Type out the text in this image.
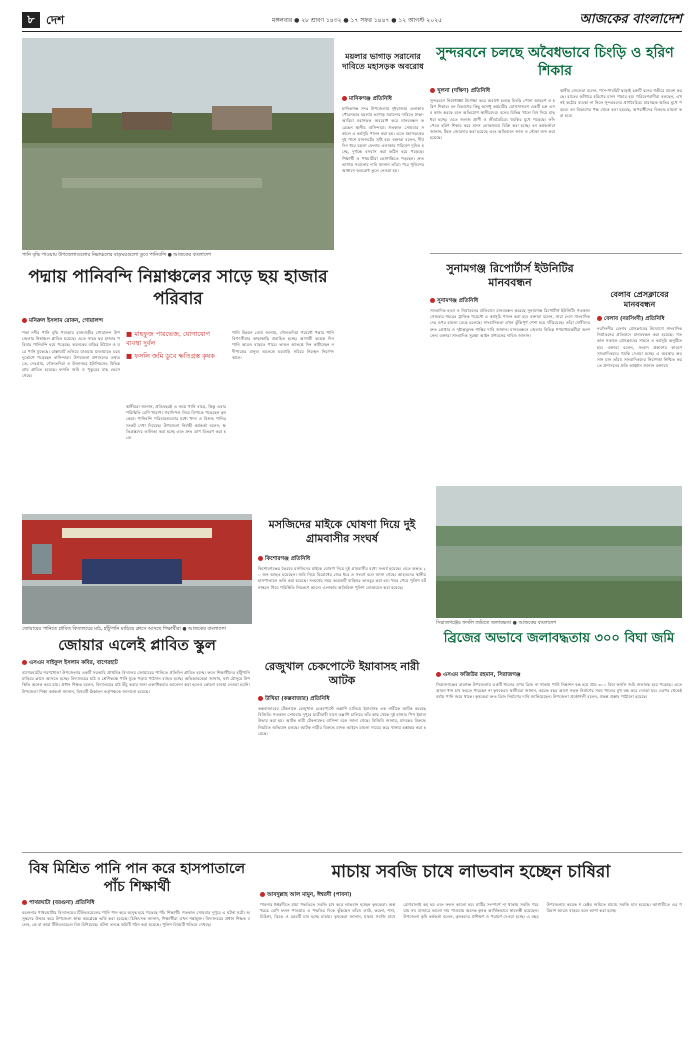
৮ দেশ	মঙ্গলবার ● ২৮ শ্রাবণ ১৪৩২ ● ১৭ সফর ১৪৪৭ ● ১২ আগস্ট ২০২৫	আজকের বাংলাদেশ
পানি বৃদ্ধি পাওয়ায় উপজেলাগুলোর নিম্নাঞ্চলের বাড়ঘরগুলো ডুবে পানিবন্দি ● আজকের বাংলাদেশ
ময়লার ভাগাড় সরানোর দাবিতে মহাসড়ক অবরোধ
মানিকগঞ্জ প্রতিনিধি
মানিকগঞ্জ সদর উপজেলার দুধবাজার এলাকায় পৌরসভার ময়লার ভাগাড় সরানোর দাবিতে ঢাকা-আরিচা মহাসড়ক অবরোধ করে মানববন্ধন করেছেন স্থানীয় বাসিন্দারা। গতকাল সোমবার সকালে এ কর্মসূচি পালন করা হয়। এতে মহাসড়কের দুই পাশে যানজটের সৃষ্টি হয়। বক্তারা বলেন, দীর্ঘদিন ধরে ময়লা ফেলায় এলাকার পরিবেশ দূষিত হচ্ছে, দুর্গন্ধে বসবাস করা কঠিন হয়ে পড়েছে। শিক্ষার্থী ও পথচারীরা ভোগান্তিতে পড়ছেন। দ্রুত ভাগাড় সরানোর দাবি জানান তাঁরা। পরে পুলিশের আশ্বাসে অবরোধ তুলে নেওয়া হয়।
সুন্দরবনে চলছে অবৈধভাবে চিংড়ি ও হরিণ শিকার
খুলনা (দক্ষিণ) প্রতিনিধি
সুন্দরবনে নিষেধাজ্ঞা উপেক্ষা করে অবাধে চলছে চিংড়ি পোনা আহরণ ও হরিণ শিকার। বন বিভাগের কিছু অসাধু কর্মচারীর যোগসাজশে একটি চক্র এসব কাজ করছে বলে অভিযোগ স্থানীয়দের। বনের বিভিন্ন খালে বিষ দিয়ে মাছ ধরা হচ্ছে। এতে জলজ প্রাণী ও জীববৈচিত্র্য হুমকির মুখে পড়েছে। ফাঁদ পেতে হরিণ শিকার করে মাংস লোকালয়ে বিক্রি করা হচ্ছে। বন কর্মকর্তারা জানান, টহল জোরদার করা হয়েছে এবং অভিযানে জাল ও নৌকা জব্দ করা হয়েছে।
স্থানীয় জেলেরা বলেন, পাস-পারমিট ছাড়াই চক্রটি বনের গভীরে প্রবেশ করছে। রাতের আঁধারে হরিণের মাংস পাচার হয়। পরিবেশবাদীরা বলছেন, এখনই কঠোর ব্যবস্থা না নিলে সুন্দরবনের প্রাণবৈচিত্র্য মারাত্মক ক্ষতির মুখে পড়বে। বন বিভাগের পক্ষ থেকে বলা হয়েছে, অপরাধীদের বিরুদ্ধে মামলা করা হবে।
পদ্মায় পানিবন্দি নিম্নাঞ্চলের সাড়ে ছয় হাজার পরিবার
মনিরুল ইসলাম রোকন, গোয়ালন্দ
পদ্মা নদীর পানি বৃদ্ধি পাওয়ায় রাজবাড়ীর গোয়ালন্দ উপজেলার নিম্নাঞ্চল প্লাবিত হয়েছে। এতে সাড়ে ছয় হাজার পরিবার পানিবন্দি হয়ে পড়েছে। অনেকের বাড়ির উঠানে ও ঘরে পানি ঢুকেছে। রাস্তাঘাট তলিয়ে যাওয়ায় যাতায়াতে চরম দুর্ভোগে পড়েছেন বাসিন্দারা। উপজেলা প্রশাসনের তথ্যমতে, দেবগ্রাম, দৌলতদিয়া ও উজানচর ইউনিয়নের বিভিন্ন গ্রাম প্লাবিত হয়েছে। ফসলি জমি ও পুকুরের মাছ ভেসে গেছে।
■ মাহফুজ পারভেজ, যোগাযোগ ব্যবস্থা দুর্বল
■ ফসলি জমি ডুবে ক্ষতিগ্রস্ত কৃষক
স্থানীয়রা জানান, প্রতিবছরই এ সময় পানি বাড়ে, কিন্তু এবার পরিস্থিতি বেশি খারাপ। গবাদিপশু নিয়ে বিপাকে পড়েছেন কৃষকেরা। পানিবন্দি পরিবারগুলোর মধ্যে খাদ্য ও বিশুদ্ধ পানির সংকট দেখা দিয়েছে। উপজেলা নির্বাহী কর্মকর্তা বলেন, ক্ষতিগ্রস্তদের তালিকা করা হচ্ছে এবং দ্রুত ত্রাণ বিতরণ করা হবে।
পানি উন্নয়ন বোর্ড জানায়, দৌলতদিয়া পয়েন্টে পদ্মার পানি বিপৎসীমার কাছাকাছি প্রবাহিত হচ্ছে। আগামী কয়েক দিন পানি আরও বাড়তে পারে। ভাঙন আতঙ্কে দিন কাটাচ্ছেন নদীপাড়ের মানুষ। অনেকে ঘরবাড়ি সরিয়ে নিচ্ছেন নিরাপদ স্থানে।
সুনামগঞ্জ রিপোর্টার্স ইউনিটির মানববন্ধন
সুনামগঞ্জ প্রতিনিধি
সাংবাদিক হত্যা ও নির্যাতনের প্রতিবাদে মানববন্ধন করেছে সুনামগঞ্জ রিপোর্টার্স ইউনিটি। গতকাল সোমবার শহরের ট্রাফিক পয়েন্টে এ কর্মসূচি পালন করা হয়। বক্তারা বলেন, সারা দেশে সাংবাদিকদের ওপর হামলা বেড়ে চলেছে। সাংবাদিকতা এখন ঝুঁকিপূর্ণ পেশা হয়ে দাঁড়িয়েছে। তাঁরা দোষীদের দ্রুত গ্রেপ্তার ও দৃষ্টান্তমূলক শাস্তির দাবি জানান। মানববন্ধনে জেলার বিভিন্ন গণমাধ্যমকর্মীরা অংশ নেন। বক্তারা সাংবাদিক সুরক্ষা আইন প্রণয়নের দাবিও জানান।
বেলাব প্রেসক্লাবের মানববন্ধন
বেলাব (নরসিংদী) প্রতিনিধি
নরসিংদীর বেলাব প্রেসক্লাবের উদ্যোগে সাংবাদিক নির্যাতনের প্রতিবাদে মানববন্ধন করা হয়েছে। গতকাল সকালে প্রেসক্লাবের সামনে এ কর্মসূচি অনুষ্ঠিত হয়। বক্তারা বলেন, সংবাদ প্রকাশের কারণে সাংবাদিকদের হুমকি দেওয়া হচ্ছে। এ অবস্থার অবসান চান তাঁরা। সাংবাদিকদের নিরাপত্তা নিশ্চিত করতে প্রশাসনের প্রতি আহ্বান জানান বক্তারা।
জোয়ারের পানিতে প্লাবিত বিদ্যালয়ের মাঠ, হাঁটুপানি মাড়িয়ে ক্লাসে আসছে শিক্ষার্থীরা ● আজকের বাংলাদেশ
মসজিদের মাইকে ঘোষণা দিয়ে দুই গ্রামবাসীর সংঘর্ষ
কিশোরগঞ্জ প্রতিনিধি
কিশোরগঞ্জের ভৈরবে মসজিদের মাইকে ঘোষণা দিয়ে দুই গ্রামবাসীর মধ্যে সংঘর্ষ হয়েছে। এতে অন্তত ২০ জন আহত হয়েছেন। জমি নিয়ে বিরোধের জের ধরে এ সংঘর্ষ বলে জানা গেছে। আহতদের স্থানীয় হাসপাতালে ভর্তি করা হয়েছে। সংঘর্ষের সময় কয়েকটি বাড়িঘর ভাঙচুর করা হয়। খবর পেয়ে পুলিশ ঘটনাস্থলে গিয়ে পরিস্থিতি নিয়ন্ত্রণে আনে। এলাকায় অতিরিক্ত পুলিশ মোতায়েন করা হয়েছে।
সিরাজগঞ্জের ফসলি জমিতে জলাবদ্ধতা ● আজকের বাংলাদেশ
জোয়ার এলেই প্লাবিত স্কুল
এসএম সাইফুল ইসলাম কবির, বাগেরহাট
বাগেরহাটের শরণখোলা উপজেলার একটি সরকারি প্রাথমিক বিদ্যালয় জোয়ারের পানিতে প্রতিদিন প্লাবিত হচ্ছে। ফলে শিক্ষার্থীদের হাঁটুপানি মাড়িয়ে ক্লাসে আসতে হচ্ছে। বিদ্যালয়ের মাঠ ও শ্রেণিকক্ষে পানি ঢুকে পড়ায় পাঠদান ব্যাহত হচ্ছে। অভিভাবকেরা জানান, বর্ষা মৌসুমে উপস্থিতি অনেক কমে যায়। প্রধান শিক্ষক বলেন, বিদ্যালয়ের মাঠ উঁচু করার জন্য একাধিকবার আবেদন করা হলেও কোনো ব্যবস্থা নেওয়া হয়নি। উপজেলা শিক্ষা কর্মকর্তা জানান, বিষয়টি ঊর্ধ্বতন কর্তৃপক্ষকে জানানো হয়েছে।
রেজুখাল চেকপোস্টে ইয়াবাসহ নারী আটক
উখিয়া (কক্সবাজার) প্রতিনিধি
কক্সবাজারের টেকনাফে রেজুখাল চেকপোস্টে তল্লাশি চালিয়ে ইয়াবাসহ এক নারীকে আটক করেছে বিজিবি। গতকাল সোমবার দুপুরে যাত্রীবাহী বাসে তল্লাশি চালিয়ে তাঁর কাছ থেকে দুই হাজার পিস ইয়াবা উদ্ধার করা হয়। আটক নারী টেকনাফের বাসিন্দা বলে জানা গেছে। বিজিবি জানায়, মাদকের বিরুদ্ধে নিয়মিত অভিযান চলছে। আটক নারীর বিরুদ্ধে মাদক আইনে মামলা দায়ের করে থানায় হস্তান্তর করা হয়েছে।
ব্রিজের অভাবে জলাবদ্ধতায় ৩০০ বিঘা জমি
এসএম ফজিউর রহমান, সিরাজগঞ্জ
সিরাজগঞ্জের রায়গঞ্জ উপজেলায় একটি খালের ওপর ব্রিজ না থাকায় পানি নিষ্কাশন বন্ধ হয়ে প্রায় ৩০০ বিঘা ফসলি জমি জলাবদ্ধ হয়ে পড়েছে। এতে আমন ধান চাষ করতে পারছেন না কৃষকেরা। স্থানীয়রা জানান, কয়েক বছর আগে সড়ক নির্মাণের সময় খালের মুখ বন্ধ করে দেওয়া হয়। এরপর থেকেই বর্ষায় পানি জমে থাকে। কৃষকেরা দ্রুত ব্রিজ নির্মাণের দাবি জানিয়েছেন। উপজেলা প্রকৌশলী বলেন, প্রকল্প প্রস্তাব পাঠানো হয়েছে।
বিষ মিশ্রিত পানি পান করে হাসপাতালে পাঁচ শিক্ষার্থী
পাথরঘাটা (বরগুনা) প্রতিনিধি
বরগুনার পাথরঘাটায় বিদ্যালয়ের টিউবওয়েলের পানি পান করে অসুস্থ হয়ে পড়েছে পাঁচ শিক্ষার্থী। গতকাল সোমবার দুপুরে এ ঘটনা ঘটে। অসুস্থদের উদ্ধার করে উপজেলা স্বাস্থ্য কমপ্লেক্সে ভর্তি করা হয়েছে। চিকিৎসক জানান, শিক্ষার্থীরা এখন শঙ্কামুক্ত। বিদ্যালয়ের প্রধান শিক্ষক বলেন, কে বা কারা টিউবওয়েলে বিষ মিশিয়েছে। ঘটনা তদন্তে কমিটি গঠন করা হয়েছে। পুলিশ বিষয়টি খতিয়ে দেখছে।
মাচায় সবজি চাষে লাভবান হচ্ছেন চাষিরা
আবদুল্লাহ আল মামুন, ঈশ্বরদী (পাবনা)
পাবনার ঈশ্বরদীতে মাচা পদ্ধতিতে সবজি চাষ করে লাভবান হচ্ছেন কৃষকেরা। অল্প খরচে বেশি ফলন পাওয়ায় এ পদ্ধতির দিকে ঝুঁকছেন তাঁরা। লাউ, করলা, শসা, চিচিঙ্গা, ঝিঙে ও বরবটি চাষ হচ্ছে মাচায়। কৃষকেরা জানান, মাচায় সবজি চাষে রোগবালাই কম হয় এবং ফলন ভালো হয়। মাটির সংস্পর্শে না থাকায় সবজি পচে যায় না। বাজারে ভালো দাম পাওয়ায় অনেক কৃষক আর্থিকভাবে স্বাবলম্বী হয়েছেন। উপজেলা কৃষি কর্মকর্তা বলেন, কৃষকদের প্রশিক্ষণ ও পরামর্শ দেওয়া হচ্ছে। এ বছর উপজেলায় কয়েক শ হেক্টর জমিতে মাচায় সবজি চাষ হয়েছে। আগামীতে এর পরিমাণ আরও বাড়বে বলে আশা করা হচ্ছে।
